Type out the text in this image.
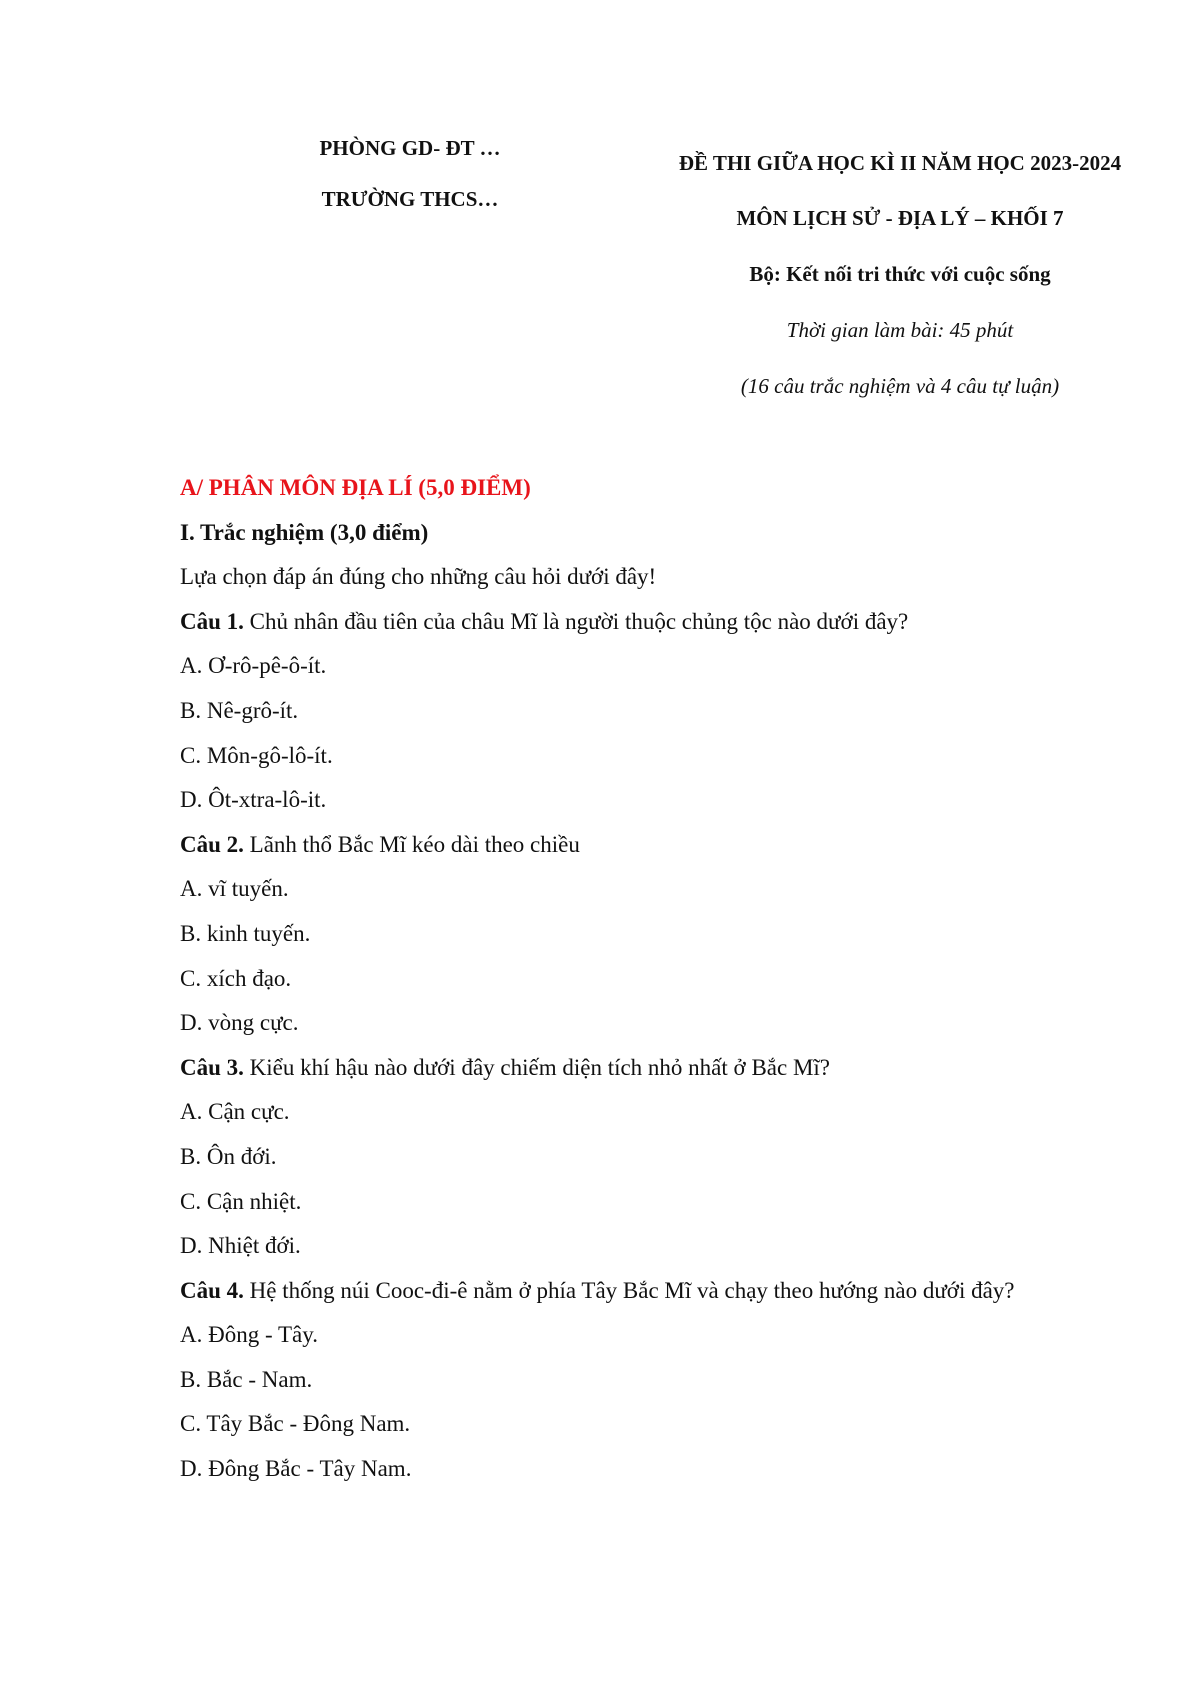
PHÒNG GD- ĐT …

TRƯỜNG THCS…

ĐỀ THI GIỮA HỌC KÌ II NĂM HỌC 2023-2024

MÔN LỊCH SỬ - ĐỊA LÝ – KHỐI 7

Bộ: Kết nối tri thức với cuộc sống

Thời gian làm bài: 45 phút

(16 câu trắc nghiệm và 4 câu tự luận)

A/ PHÂN MÔN ĐỊA LÍ (5,0 ĐIỂM)

I. Trắc nghiệm (3,0 điểm)

Lựa chọn đáp án đúng cho những câu hỏi dưới đây!

Câu 1. Chủ nhân đầu tiên của châu Mĩ là người thuộc chủng tộc nào dưới đây?

A. Ơ-rô-pê-ô-ít.

B. Nê-grô-ít.

C. Môn-gô-lô-ít.

D. Ôt-xtra-lô-it.

Câu 2. Lãnh thổ Bắc Mĩ kéo dài theo chiều

A. vĩ tuyến.

B. kinh tuyến.

C. xích đạo.

D. vòng cực.

Câu 3. Kiểu khí hậu nào dưới đây chiếm diện tích nhỏ nhất ở Bắc Mĩ?

A. Cận cực.

B. Ôn đới.

C. Cận nhiệt.

D. Nhiệt đới.

Câu 4. Hệ thống núi Cooc-đi-ê nằm ở phía Tây Bắc Mĩ và chạy theo hướng nào dưới đây?

A. Đông - Tây.

B. Bắc - Nam.

C. Tây Bắc - Đông Nam.

D. Đông Bắc - Tây Nam.
